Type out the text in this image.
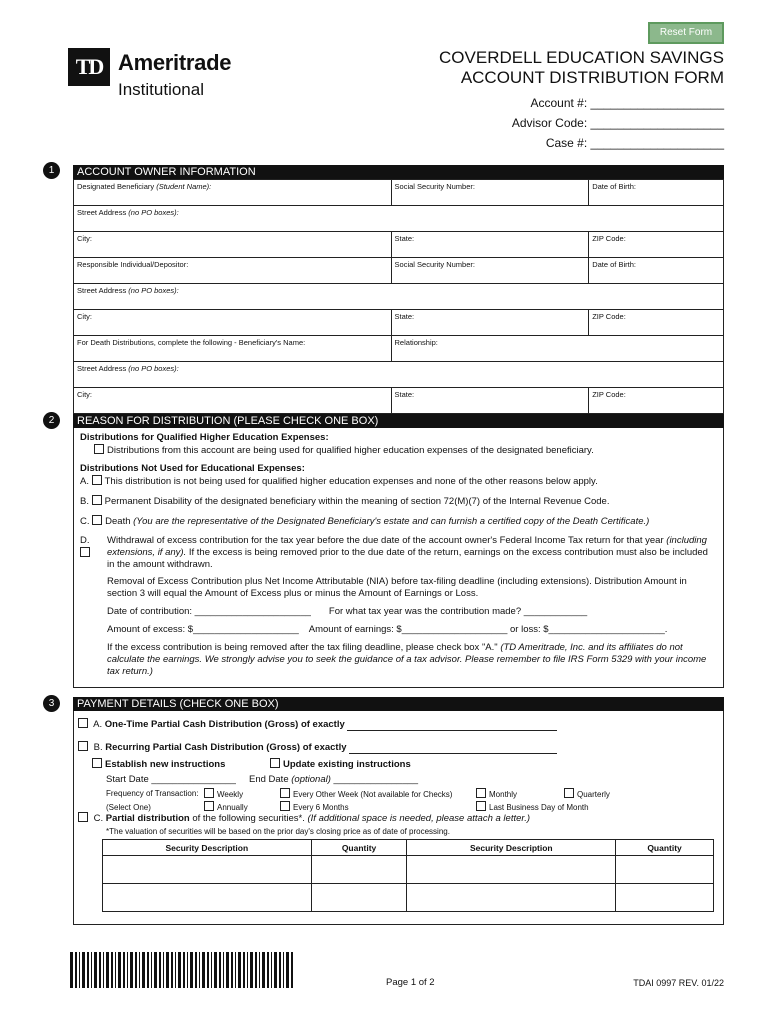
Reset Form
TD Ameritrade
Institutional
COVERDELL EDUCATION SAVINGS
ACCOUNT DISTRIBUTION FORM
Account #: ____________________
Advisor Code: ____________________
Case #: ____________________
1	ACCOUNT OWNER INFORMATION
Designated Beneficiary (Student Name):	Social Security Number:	Date of Birth:
Street Address (no PO boxes):		
City:	State:	ZIP Code:
Responsible Individual/Depositor:	Social Security Number:	Date of Birth:
Street Address (no PO boxes):		
City:	State:	ZIP Code:
For Death Distributions, complete the following - Beneficiary's Name:	Relationship:	
Street Address (no PO boxes):		
City:	State:	ZIP Code:
2	REASON FOR DISTRIBUTION (PLEASE CHECK ONE BOX)
Distributions for Qualified Higher Education Expenses:
Distributions from this account are being used for qualified higher education expenses of the designated beneficiary.
Distributions Not Used for Educational Expenses:
A. This distribution is not being used for qualified higher education expenses and none of the other reasons below apply.
B. Permanent Disability of the designated beneficiary within the meaning of section 72(M)(7) of the Internal Revenue Code.
C. Death (You are the representative of the Designated Beneficiary's estate and can furnish a certified copy of the Death Certificate.)
D.	Withdrawal of excess contribution for the tax year before the due date of the account owner's Federal Income Tax return for that year (including extensions, if any). If the excess is being removed prior to the due date of the return, earnings on the excess contribution must also be included in the amount withdrawn.
Removal of Excess Contribution plus Net Income Attributable (NIA) before tax-filing deadline (including extensions). Distribution Amount in section 3 will equal the Amount of Excess plus or minus the Amount of Earnings or Loss.
Date of contribution: ______________________ For what tax year was the contribution made? ____________
Amount of excess: $____________________ Amount of earnings: $____________________ or loss: $______________________.
If the excess contribution is being removed after the tax filing deadline, please check box "A." (TD Ameritrade, Inc. and its affiliates do not calculate the earnings. We strongly advise you to seek the guidance of a tax advisor. Please remember to file IRS Form 5329 with your income tax return.)
3	PAYMENT DETAILS (CHECK ONE BOX)
A. One-Time Partial Cash Distribution (Gross) of exactly
B. Recurring Partial Cash Distribution (Gross) of exactly
Establish new instructions	Update existing instructions
Start Date ________________ End Date (optional) ________________
Frequency of Transaction:
(Select One)
Weekly	Every Other Week (Not available for Checks)	Monthly	Quarterly
Annually	Every 6 Months	Last Business Day of Month
C. Partial distribution of the following securities*. (If additional space is needed, please attach a letter.)
*The valuation of securities will be based on the prior day's closing price as of date of processing.
Security Description	Quantity	Security Description	Quantity

Page 1 of 2	TDAI 0997 REV. 01/22
